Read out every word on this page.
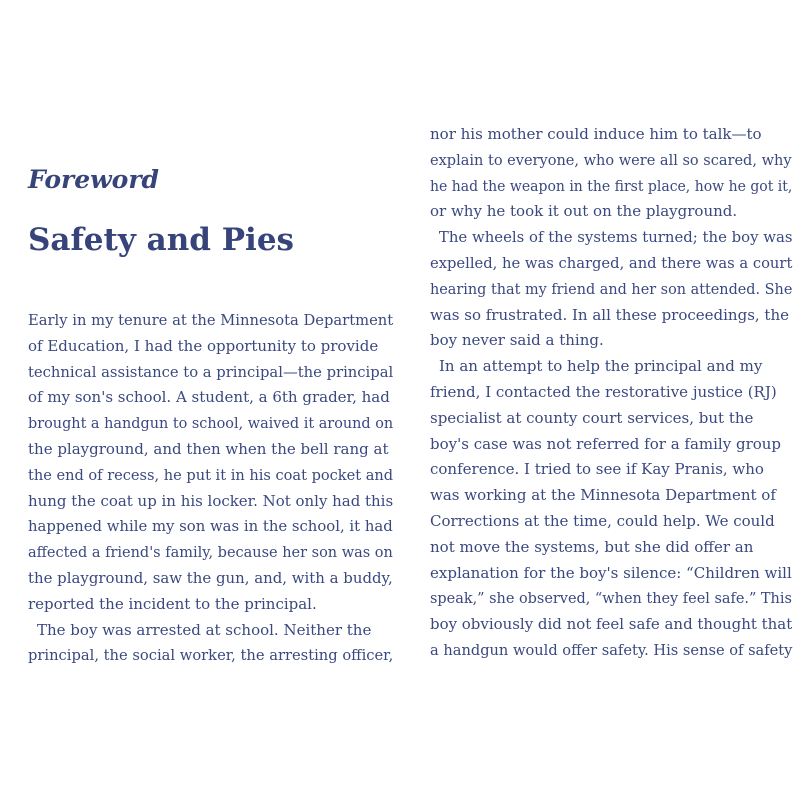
Foreword
Safety and Pies
Early in my tenure at the Minnesota Department
of Education, I had the opportunity to provide
technical assistance to a principal—the principal
of my son's school. A student, a 6th grader, had
brought a handgun to school, waived it around on
the playground, and then when the bell rang at
the end of recess, he put it in his coat pocket and
hung the coat up in his locker. Not only had this
happened while my son was in the school, it had
affected a friend's family, because her son was on
the playground, saw the gun, and, with a buddy,
reported the incident to the principal.
The boy was arrested at school. Neither the
principal, the social worker, the arresting officer,
nor his mother could induce him to talk—to
explain to everyone, who were all so scared, why
he had the weapon in the first place, how he got it,
or why he took it out on the playground.
The wheels of the systems turned; the boy was
expelled, he was charged, and there was a court
hearing that my friend and her son attended. She
was so frustrated. In all these proceedings, the
boy never said a thing.
In an attempt to help the principal and my
friend, I contacted the restorative justice (RJ)
specialist at county court services, but the
boy's case was not referred for a family group
conference. I tried to see if Kay Pranis, who
was working at the Minnesota Department of
Corrections at the time, could help. We could
not move the systems, but she did offer an
explanation for the boy's silence: “Children will
speak,” she observed, “when they feel safe.” This
boy obviously did not feel safe and thought that
a handgun would offer safety. His sense of safety
